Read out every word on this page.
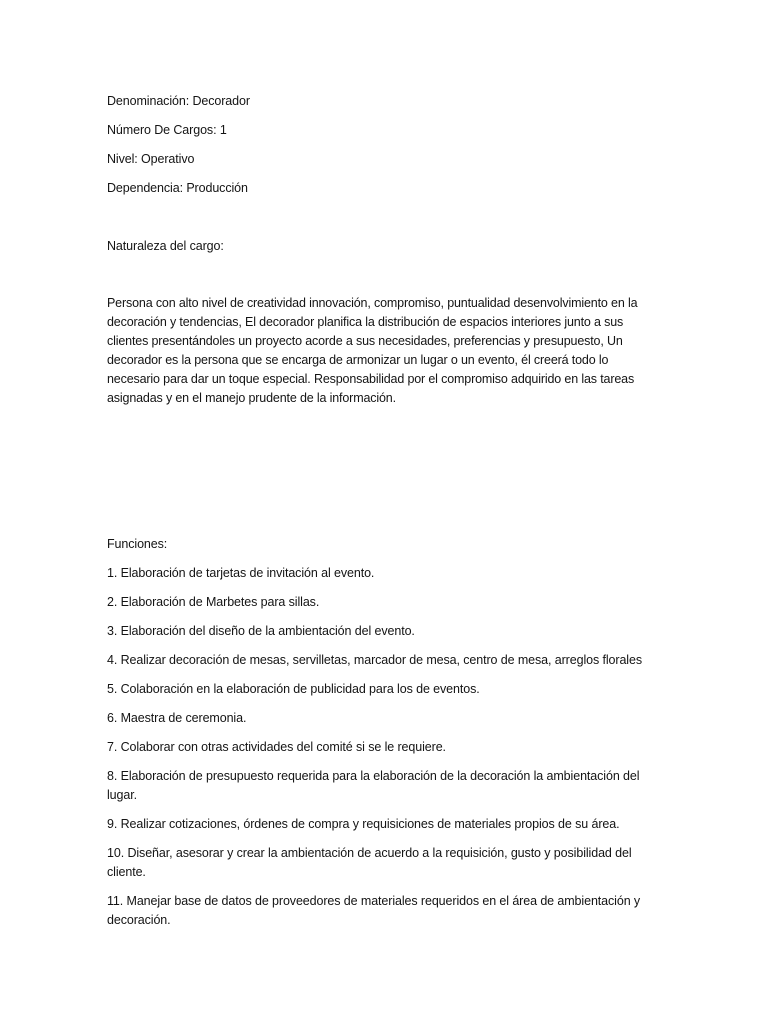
Denominación: Decorador
Número De Cargos: 1
Nivel: Operativo
Dependencia: Producción
Naturaleza del cargo:
Persona con alto nivel de creatividad innovación, compromiso, puntualidad desenvolvimiento en la decoración y tendencias, El decorador planifica la distribución de espacios interiores junto a sus clientes presentándoles un proyecto acorde a sus necesidades, preferencias y presupuesto, Un decorador es la persona que se encarga de armonizar un lugar o un evento, él creerá todo lo necesario para dar un toque especial. Responsabilidad por el compromiso adquirido en las tareas asignadas y en el manejo prudente de la información.
Funciones:
1. Elaboración de tarjetas de invitación al evento.
2. Elaboración de Marbetes para sillas.
3. Elaboración del diseño de la ambientación del evento.
4. Realizar decoración de mesas, servilletas, marcador de mesa, centro de mesa, arreglos florales
5. Colaboración en la elaboración de publicidad para los de eventos.
6. Maestra de ceremonia.
7. Colaborar con otras actividades del comité si se le requiere.
8. Elaboración de presupuesto requerida para la elaboración de la decoración la ambientación del lugar.
9. Realizar cotizaciones, órdenes de compra y requisiciones de materiales propios de su área.
10. Diseñar, asesorar y crear la ambientación de acuerdo a la requisición, gusto y posibilidad del cliente.
11. Manejar base de datos de proveedores de materiales requeridos en el área de ambientación y decoración.
